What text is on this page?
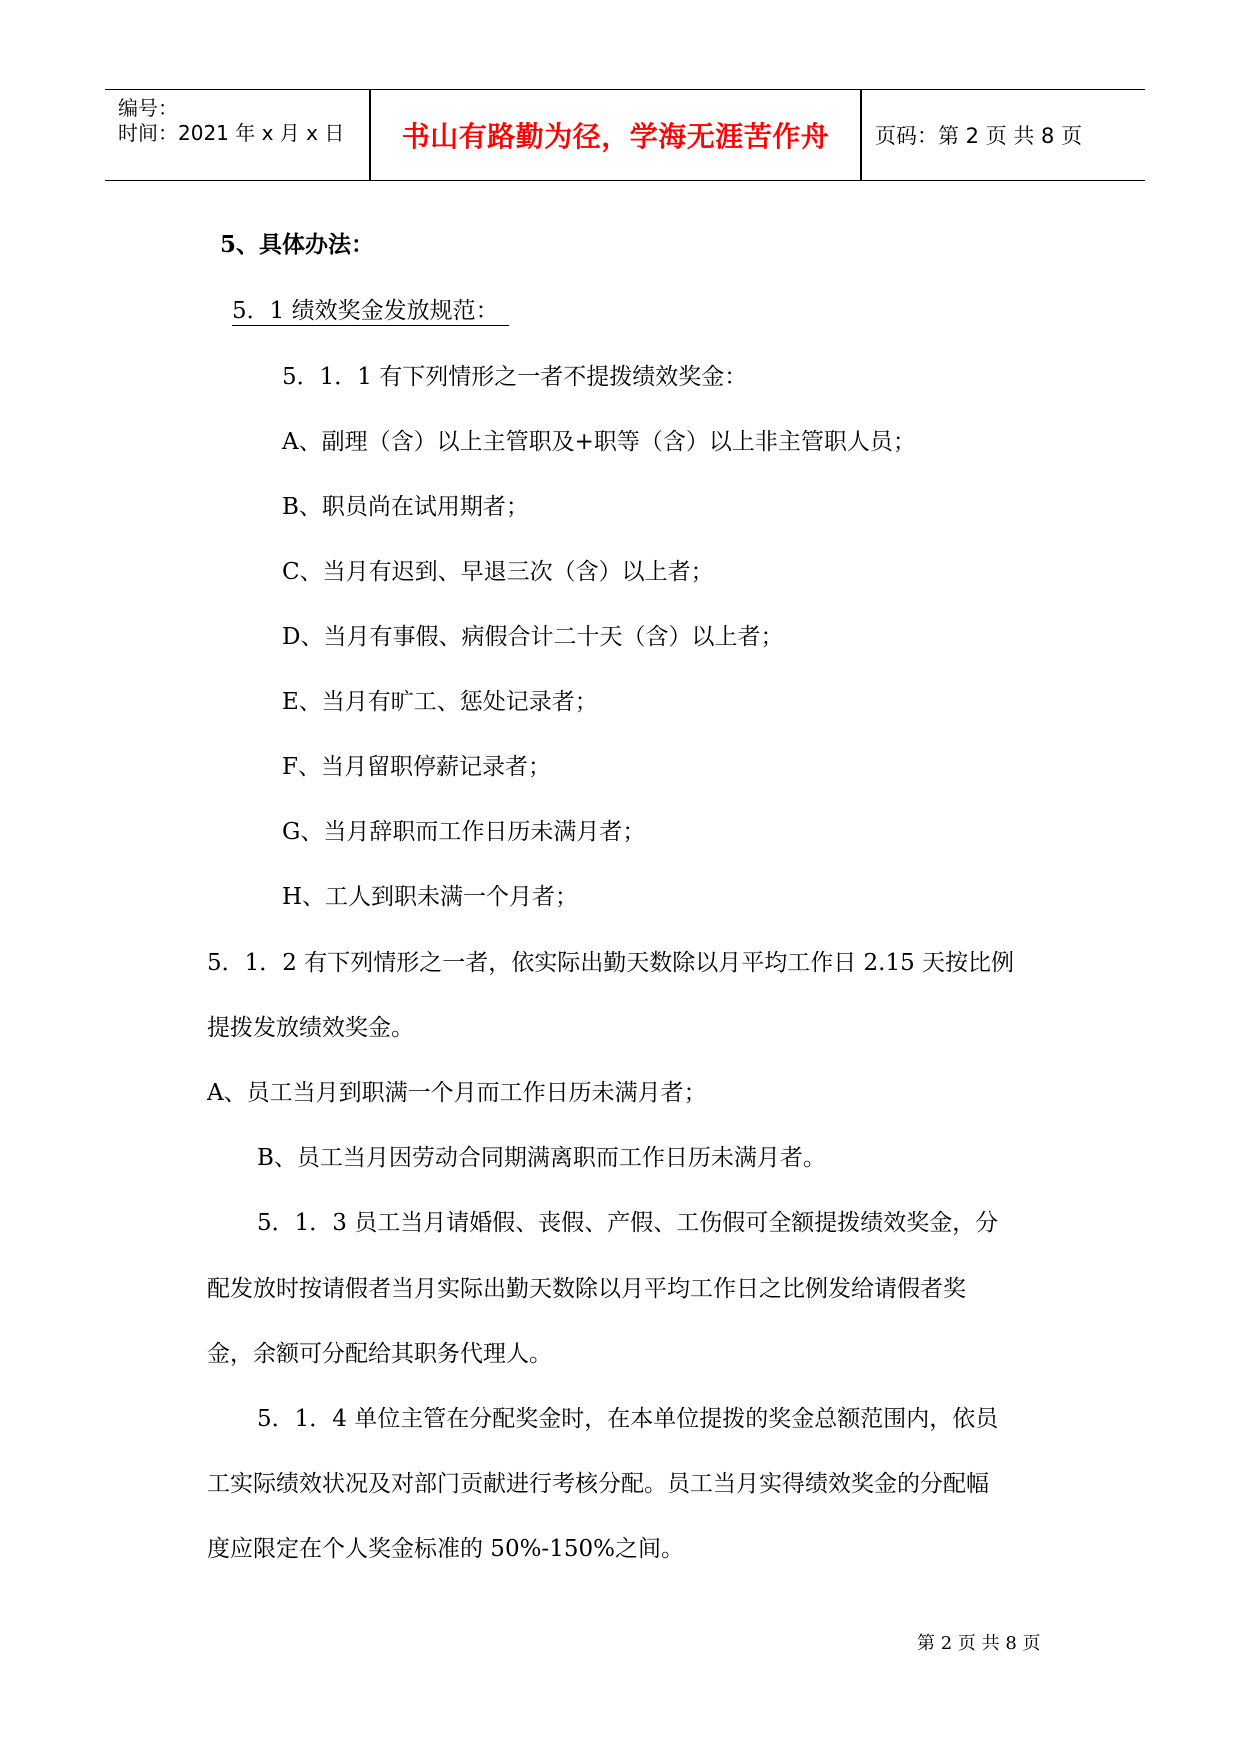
编号：
时间：2021 年 x 月 x 日	书山有路勤为径，学海无涯苦作舟	页码：第 2 页 共 8 页
5、具体办法：
5．1 绩效奖金发放规范：
5．1．1 有下列情形之一者不提拨绩效奖金：
A、副理（含）以上主管职及+职等（含）以上非主管职人员；
B、职员尚在试用期者；
C、当月有迟到、早退三次（含）以上者；
D、当月有事假、病假合计二十天（含）以上者；
E、当月有旷工、惩处记录者；
F、当月留职停薪记录者；
G、当月辞职而工作日历未满月者；
H、工人到职未满一个月者；
5．1．2 有下列情形之一者，依实际出勤天数除以月平均工作日 2.15 天按比例
提拨发放绩效奖金。
A、员工当月到职满一个月而工作日历未满月者；
B、员工当月因劳动合同期满离职而工作日历未满月者。
5．1．3 员工当月请婚假、丧假、产假、工伤假可全额提拨绩效奖金，分
配发放时按请假者当月实际出勤天数除以月平均工作日之比例发给请假者奖
金，余额可分配给其职务代理人。
5．1．4 单位主管在分配奖金时，在本单位提拨的奖金总额范围内，依员
工实际绩效状况及对部门贡献进行考核分配。员工当月实得绩效奖金的分配幅
度应限定在个人奖金标准的 50%-150%之间。
第 2 页 共 8 页
